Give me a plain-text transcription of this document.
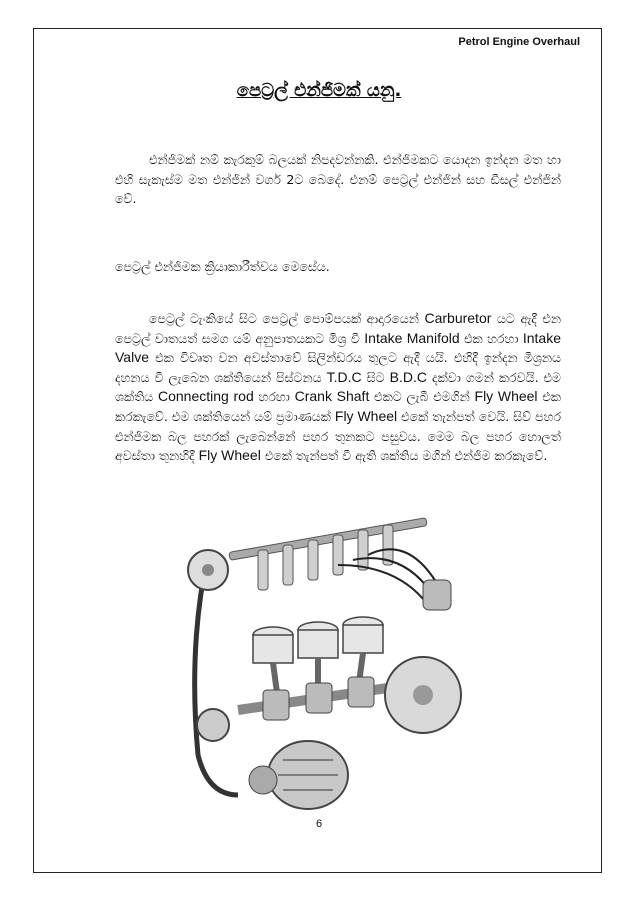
Petrol Engine Overhaul
පෙට්‍රල් එන්ජිමක් යනු.

එන්ජිමක් නම් කැරකුම් බලයක් නිපදවන්නකි. එන්ජිමකට යොදන ඉන්දන මත හා එහි සැකැස්ම මත එන්ජින් වර්ග 2ට බෙදේ. එනම් පෙට්‍රල් එන්ජින් සහ ඩීසල් එන්ජින් වේ.

පෙට්‍රල් එන්ජිමක ක්‍රියාකාරීත්වය මෙසේය.

පෙට්‍රල් ටැංකියේ සිට පෙට්‍රල් පොම්පයක් ආදාරයෙන් Carburetor යට ඇදී එන පෙට්‍රල් වාතයත් සමග යම් අනුපාතයකට මිශ්‍ර වී Intake Manifold එක හරහා Intake Valve එක විවෘත වන අවස්තාවේ සිලින්ඩරය තුලට ඇදී යයි. එහිදී ඉන්දන මිශ්‍රනය දහනය වී ලැබෙන ශක්තියෙන් පිස්ටනය T.D.C සිට B.D.C දක්වා ගමන් කරවයි. එම ශක්තිය Connecting rod හරහා Crank Shaft එකට ලැබී එමගින් Fly Wheel එක කරකැවේ. එම ශක්තියෙන් යම් ප්‍රමාණයක් Fly Wheel එකේ තැන්පත් වෙයි. සිව් පහර එන්ජිමක බල පහරක් ලැබෙන්නේ පහර තුනකට පසුවය. මෙම බල පහර හොලත් අවස්තා තුනහිදී Fly Wheel එකේ තැන්පත් වී ඇති ශක්තිය මගින් එන්ජිම කරකැවේ.

6
